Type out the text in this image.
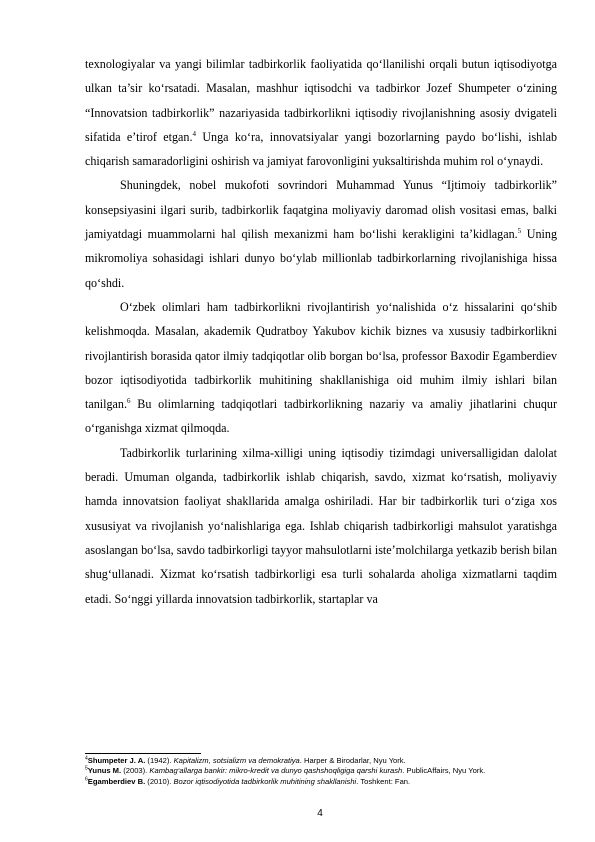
texnologiyalar va yangi bilimlar tadbirkorlik faoliyatida qo‘llanilishi orqali butun iqtisodiyotga ulkan ta’sir ko‘rsatadi. Masalan, mashhur iqtisodchi va tadbirkor Jozef Shumpeter o‘zining “Innovatsion tadbirkorlik” nazariyasida tadbirkorlikni iqtisodiy rivojlanishning asosiy dvigateli sifatida e’tirof etgan.$^4$ Unga ko‘ra, innovatsiyalar yangi bozorlarning paydo bo‘lishi, ishlab chiqarish samaradorligini oshirish va jamiyat farovonligini yuksaltirishda muhim rol o‘ynaydi.

Shuningdek, nobel mukofoti sovrindori Muhammad Yunus “Ijtimoiy tadbirkorlik” konsepsiyasini ilgari surib, tadbirkorlik faqatgina moliyaviy daromad olish vositasi emas, balki jamiyatdagi muammolarni hal qilish mexanizmi ham bo‘lishi kerakligini ta’kidlagan.$^5$ Uning mikromoliya sohasidagi ishlari dunyo bo‘ylab millionlab tadbirkorlarning rivojlanishiga hissa qo‘shdi.

O‘zbek olimlari ham tadbirkorlikni rivojlantirish yo‘nalishida o‘z hissalarini qo‘shib kelishmoqda. Masalan, akademik Qudratboy Yakubov kichik biznes va xususiy tadbirkorlikni rivojlantirish borasida qator ilmiy tadqiqotlar olib borgan bo‘lsa, professor Baxodir Egamberdiev bozor iqtisodiyotida tadbirkorlik muhitining shakllanishiga oid muhim ilmiy ishlari bilan tanilgan.$^6$ Bu olimlarning tadqiqotlari tadbirkorlikning nazariy va amaliy jihatlarini chuqur o‘rganishga xizmat qilmoqda.

Tadbirkorlik turlarining xilma-xilligi uning iqtisodiy tizimdagi universalligidan dalolat beradi. Umuman olganda, tadbirkorlik ishlab chiqarish, savdo, xizmat ko‘rsatish, moliyaviy hamda innovatsion faoliyat shakllarida amalga oshiriladi. Har bir tadbirkorlik turi o‘ziga xos xususiyat va rivojlanish yo‘nalishlariga ega. Ishlab chiqarish tadbirkorligi mahsulot yaratishga asoslangan bo‘lsa, savdo tadbirkorligi tayyor mahsulotlarni iste’molchilarga yetkazib berish bilan shug‘ullanadi. Xizmat ko‘rsatish tadbirkorligi esa turli sohalarda aholiga xizmatlarni taqdim etadi. So‘nggi yillarda innovatsion tadbirkorlik, startaplar va

$^4$Shumpeter J. A. (1942). Kapitalizm, sotsializm va demokratiya. Harper & Birodarlar, Nyu York.

$^5$Yunus M. (2003). Kambag‘allarga bankir: mikro-kredit va dunyo qashshoqligiga qarshi kurash. PublicAffairs, Nyu York.

$^6$Egamberdiev B. (2010). Bozor iqtisodiyotida tadbirkorlik muhitining shakllanishi. Toshkent: Fan.

4
